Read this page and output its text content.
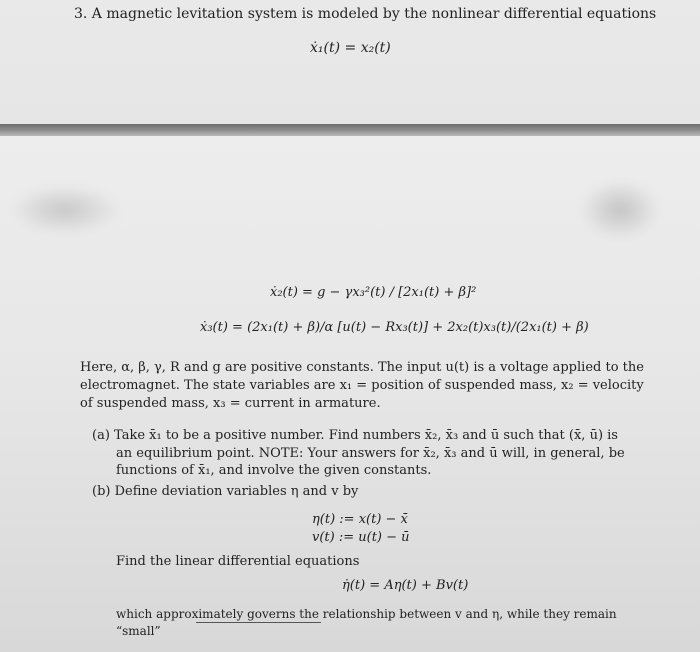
3. A magnetic levitation system is modeled by the nonlinear differential equations
ẋ₁(t) = x₂(t)
ẋ₂(t) = g − γx₃²(t) / [2x₁(t) + β]²
ẋ₃(t) = (2x₁(t) + β)/α [u(t) − Rx₃(t)] + 2x₂(t)x₃(t)/(2x₁(t) + β)
Here, α, β, γ, R and g are positive constants. The input u(t) is a voltage applied to the
electromagnet. The state variables are x₁ = position of suspended mass, x₂ = velocity
of suspended mass, x₃ = current in armature.
(a) Take x̄₁ to be a positive number. Find numbers x̄₂, x̄₃ and ū such that (x̄, ū) is
an equilibrium point. NOTE: Your answers for x̄₂, x̄₃ and ū will, in general, be
functions of x̄₁, and involve the given constants.
(b) Define deviation variables η and v by
η(t) := x(t) − x̄
v(t) := u(t) − ū
Find the linear differential equations
η̇(t) = Aη(t) + Bv(t)
which approximately governs the relationship between v and η, while they remain
“small”
